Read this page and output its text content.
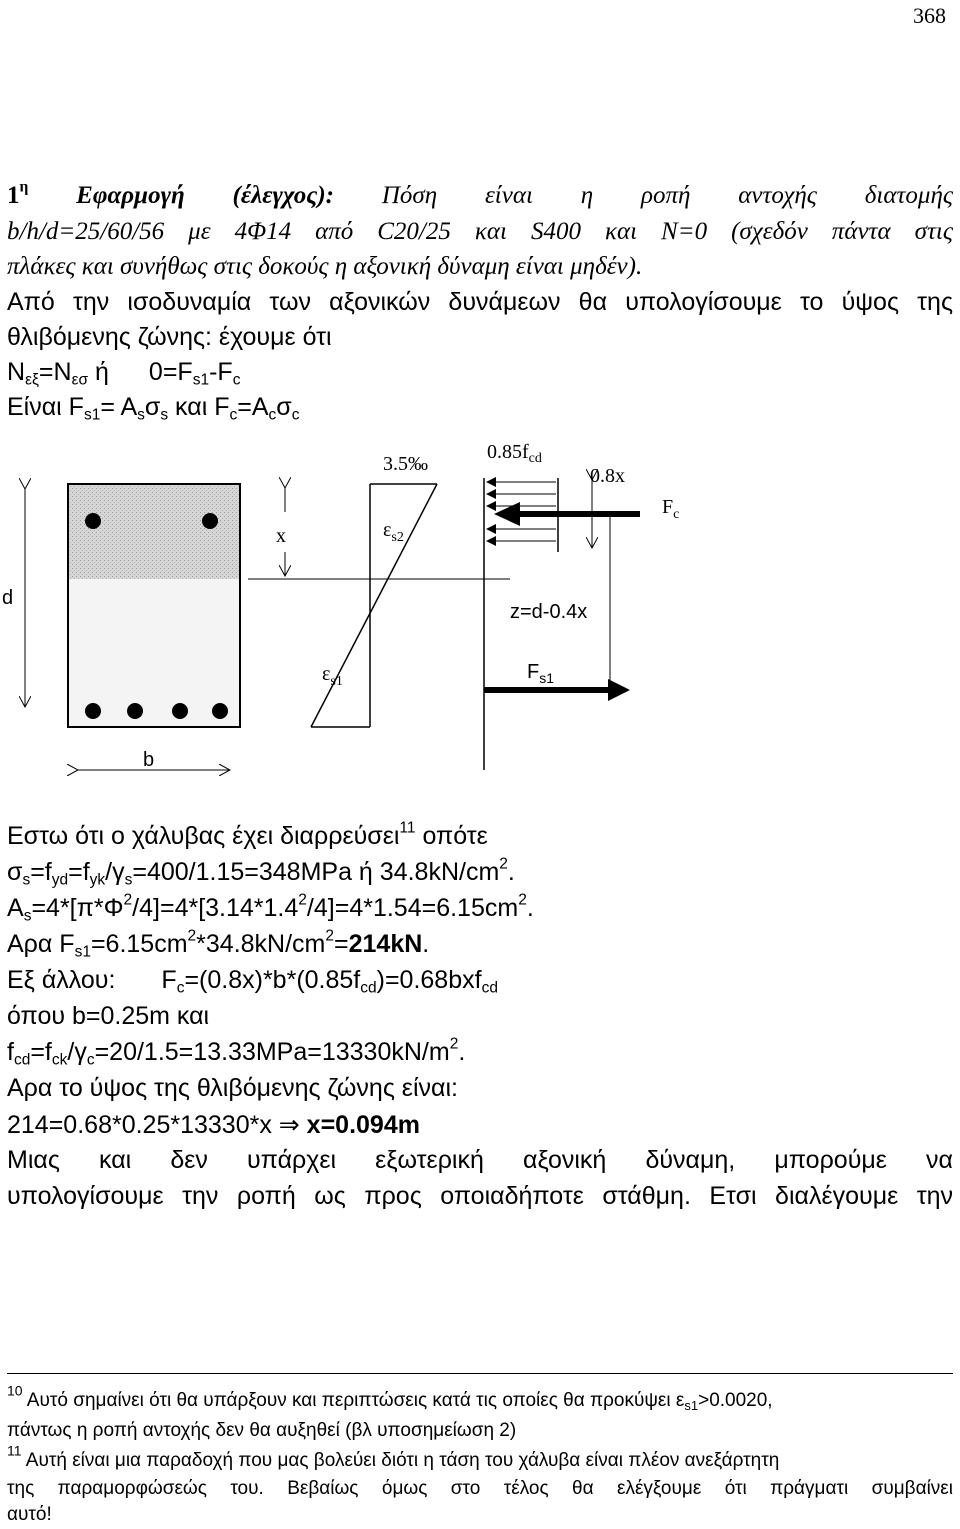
368
$1^\eta$ Εφαρμογή (έλεγχος): Πόση είναι η ροπή αντοχής διατομής
b/h/d=25/60/56 με 4Φ14 από C20/25 και S400 και Ν=0 (σχεδόν πάντα στις
πλάκες και συνήθως στις δοκούς η αξονική δύναμη είναι μηδέν).
Από την ισοδυναμία των αξονικών δυνάμεων θα υπολογίσουμε το ύψος της
θλιβόμενης ζώνης: έχουμε ότι
$N_{\varepsilon\xi}=N_{\varepsilon\sigma}$ ή $0=F_{s1}-F_c$
Είναι $F_{s1}= A_s\sigma_s$ και $F_c=A_c\sigma_c$
3.5‰
$0.85f_{cd}$
0.8x
$F_c$
x	$\varepsilon_{s2}$
d
z=d-0.4x
$\varepsilon_{s1}$	$F_{s1}$
b
Εστω ότι ο χάλυβας έχει διαρρεύσει$^{11}$ οπότε
$\sigma_s=f_{yd}=f_{yk}/\gamma_s=400/1.15=348MPa$ ή $34.8kN/cm^2$.
$A_s=4*[\pi*\Phi^2/4]=4*[3.14*1.4^2/4]=4*1.54=6.15cm^2$.
Αρα $F_{s1}=6.15cm^2*34.8kN/cm^2=214kN$.
Εξ άλλου: $F_c=(0.8x)*b*(0.85f_{cd})=0.68bxf_{cd}$
όπου b=0.25m και
$f_{cd}=f_{ck}/\gamma_c=20/1.5=13.33MPa=13330kN/m^2$.
Αρα το ύψος της θλιβόμενης ζώνης είναι:
214=0.68*0.25*13330*x ⇒ x=0.094m
Μιας και δεν υπάρχει εξωτερική αξονική δύναμη, μπορούμε να
υπολογίσουμε την ροπή ως προς οποιαδήποτε στάθμη. Ετσι διαλέγουμε την
$^{10}$ Αυτό σημαίνει ότι θα υπάρξουν και περιπτώσεις κατά τις οποίες θα προκύψει $\varepsilon_{s1}>0.0020$,
πάντως η ροπή αντοχής δεν θα αυξηθεί (βλ υποσημείωση 2)
$^{11}$ Αυτή είναι μια παραδοχή που μας βολεύει διότι η τάση του χάλυβα είναι πλέον ανεξάρτητη
της παραμορφώσεώς του. Βεβαίως όμως στο τέλος θα ελέγξουμε ότι πράγματι συμβαίνει
αυτό!
